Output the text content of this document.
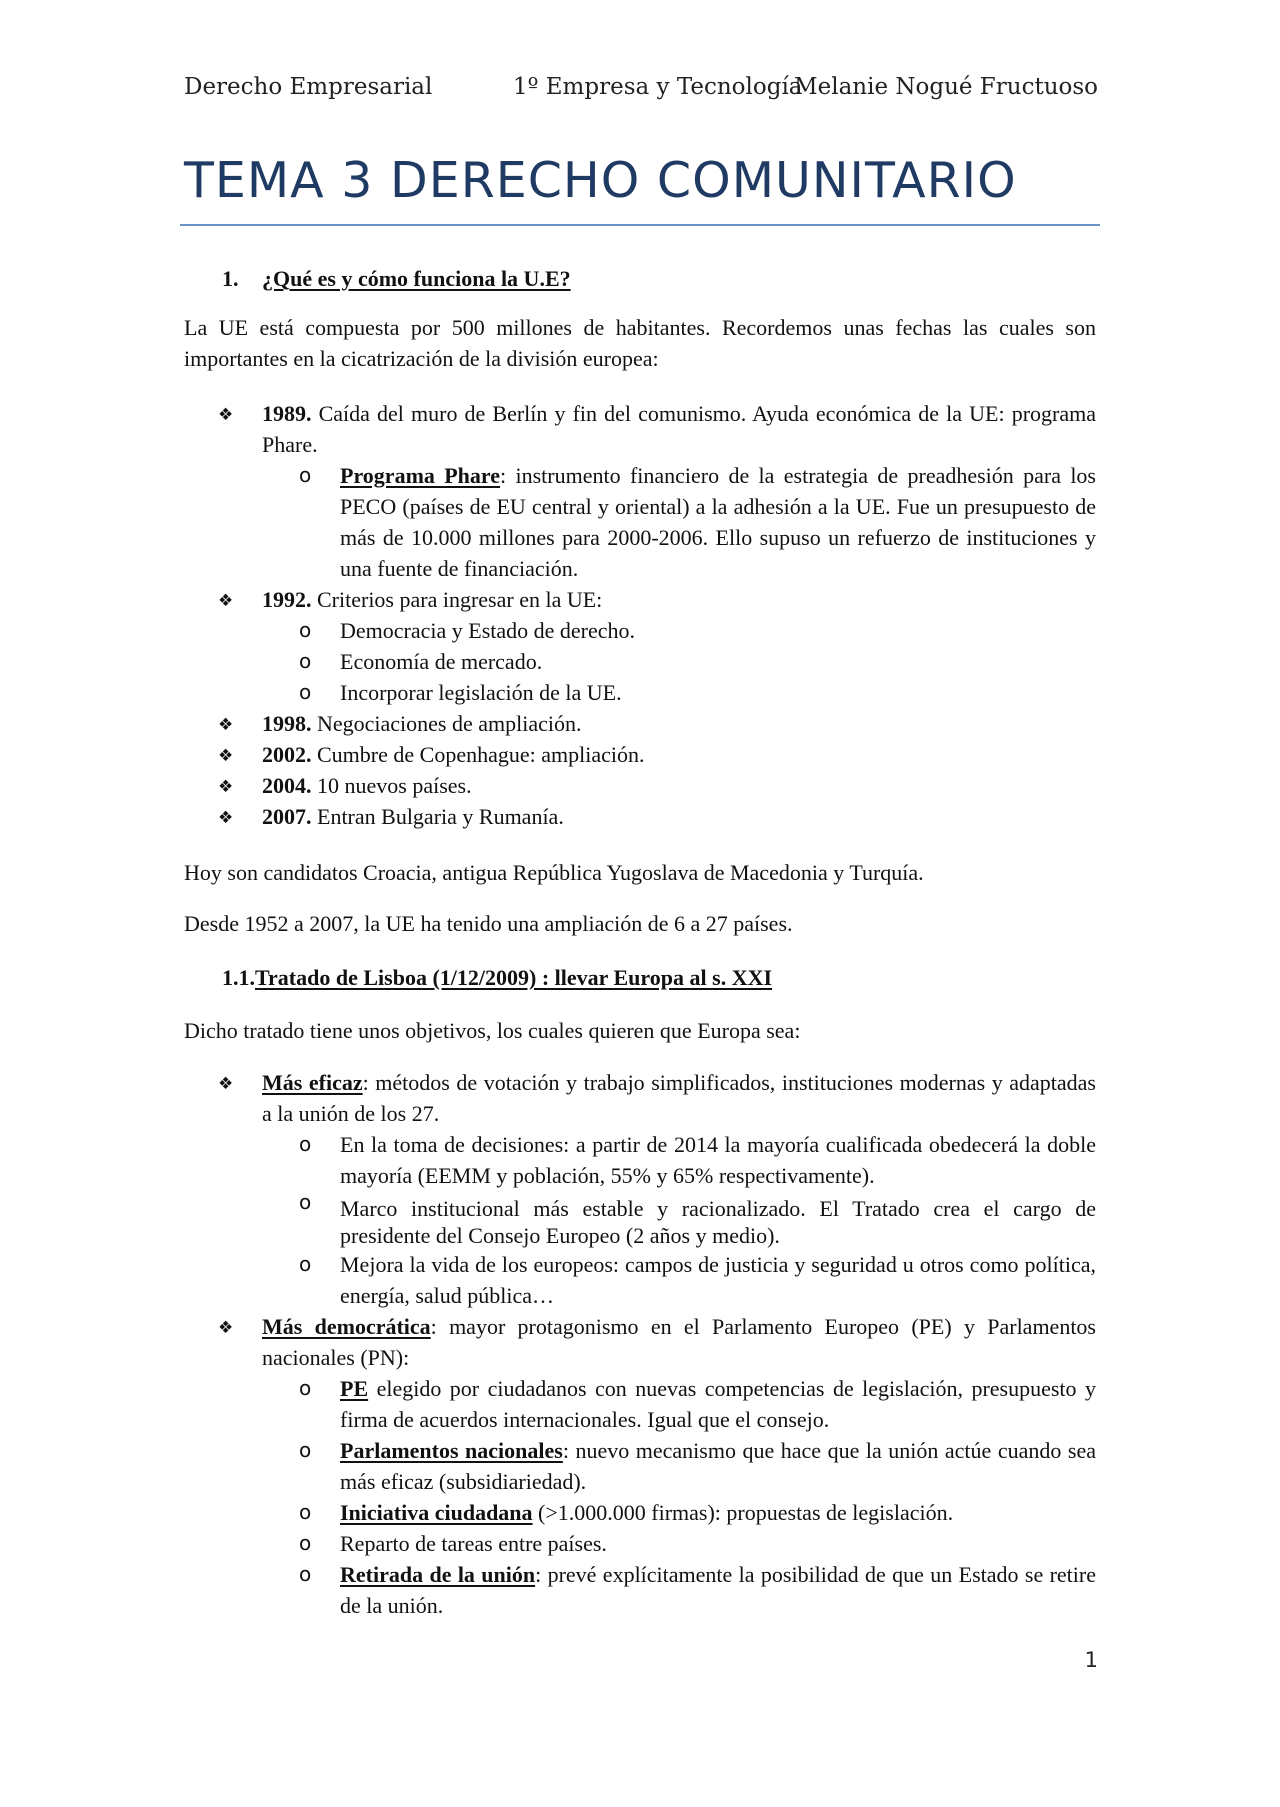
Derecho Empresarial	1º Empresa y Tecnología
Melanie Nogué Fructuoso
TEMA 3 DERECHO COMUNITARIO
1. ¿Qué es y cómo funciona la U.E?

La UE está compuesta por 500 millones de habitantes. Recordemos unas fechas las cuales son importantes en la cicatrización de la división europea:

❖ 1989. Caída del muro de Berlín y fin del comunismo. Ayuda económica de la UE: programa Phare.
o Programa Phare: instrumento financiero de la estrategia de preadhesión para los PECO (países de EU central y oriental) a la adhesión a la UE. Fue un presupuesto de más de 10.000 millones para 2000-2006. Ello supuso un refuerzo de instituciones y una fuente de financiación.
❖ 1992. Criterios para ingresar en la UE:
o Democracia y Estado de derecho.
o Economía de mercado.
o Incorporar legislación de la UE.
❖ 1998. Negociaciones de ampliación.
❖ 2002. Cumbre de Copenhague: ampliación.
❖ 2004. 10 nuevos países.
❖ 2007. Entran Bulgaria y Rumanía.

Hoy son candidatos Croacia, antigua República Yugoslava de Macedonia y Turquía.

Desde 1952 a 2007, la UE ha tenido una ampliación de 6 a 27 países.

1.1.Tratado de Lisboa (1/12/2009) : llevar Europa al s. XXI

Dicho tratado tiene unos objetivos, los cuales quieren que Europa sea:

❖ Más eficaz: métodos de votación y trabajo simplificados, instituciones modernas y adaptadas a la unión de los 27.
o En la toma de decisiones: a partir de 2014 la mayoría cualificada obedecerá la doble mayoría (EEMM y población, 55% y 65% respectivamente).
o Marco institucional más estable y racionalizado. El Tratado crea el cargo de presidente del Consejo Europeo (2 años y medio).
o Mejora la vida de los europeos: campos de justicia y seguridad u otros como política, energía, salud pública…
❖ Más democrática: mayor protagonismo en el Parlamento Europeo (PE) y Parlamentos nacionales (PN):
o PE elegido por ciudadanos con nuevas competencias de legislación, presupuesto y firma de acuerdos internacionales. Igual que el consejo.
o Parlamentos nacionales: nuevo mecanismo que hace que la unión actúe cuando sea más eficaz (subsidiariedad).
o Iniciativa ciudadana (>1.000.000 firmas): propuestas de legislación.
o Reparto de tareas entre países.
o Retirada de la unión: prevé explícitamente la posibilidad de que un Estado se retire de la unión.
1
